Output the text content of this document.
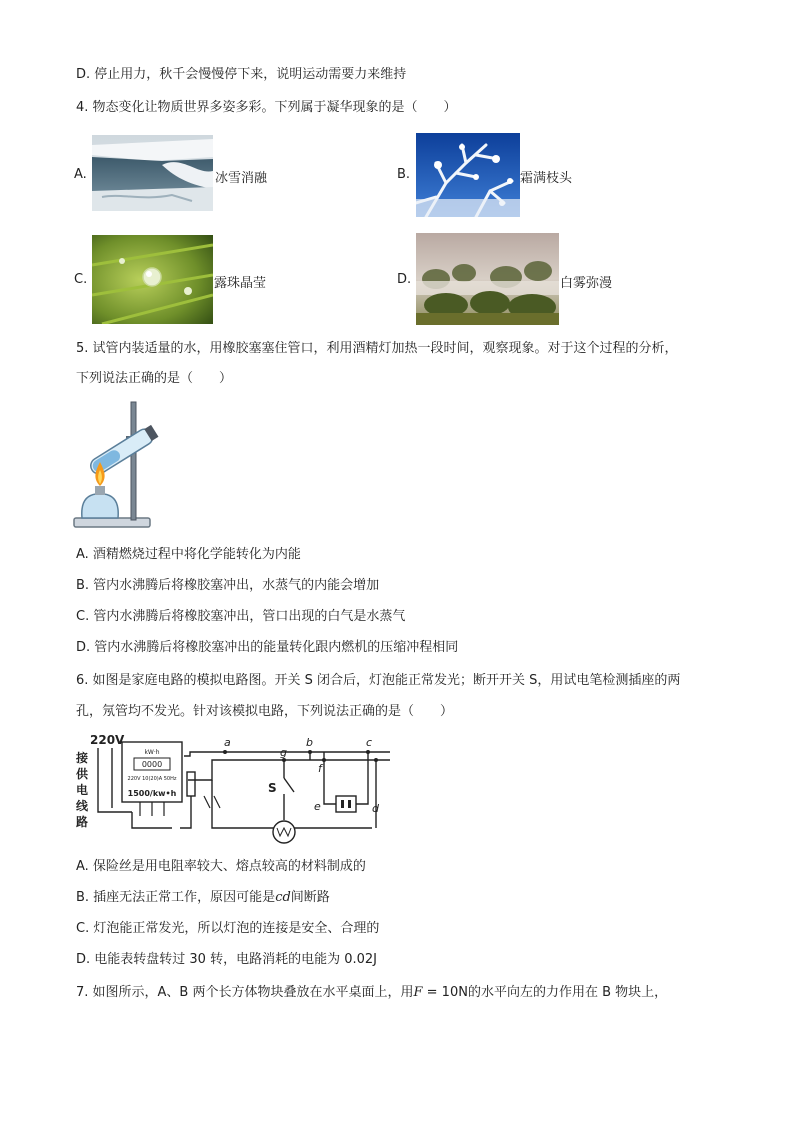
D. 停止用力，秋千会慢慢停下来，说明运动需要力来维持
4. 物态变化让物质世界多姿多彩。下列属于凝华现象的是（　　）
A.	冰雪消融	B.	霜满枝头
C.	露珠晶莹	D.	白雾弥漫
5. 试管内装适量的水，用橡胶塞塞住管口，利用酒精灯加热一段时间，观察现象。对于这个过程的分析，
下列说法正确的是（　　）
A. 酒精燃烧过程中将化学能转化为内能
B. 管内水沸腾后将橡胶塞冲出，水蒸气的内能会增加
C. 管内水沸腾后将橡胶塞冲出，管口出现的白气是水蒸气
D. 管内水沸腾后将橡胶塞冲出的能量转化跟内燃机的压缩冲程相同
6. 如图是家庭电路的模拟电路图。开关 S 闭合后，灯泡能正常发光；断开开关 S，用试电笔检测插座的两
孔，氖管均不发光。针对该模拟电路，下列说法正确的是（　　）
kW·h
0000
220V 10(20)A 50Hz
1500/kw•h
220V
接
供
电
线
路
a	b	c
g
f
e	d
S
A. 保险丝是用电阻率较大、熔点较高的材料制成的
B. 插座无法正常工作，原因可能是cd间断路
C. 灯泡能正常发光，所以灯泡的连接是安全、合理的
D. 电能表转盘转过 30 转，电路消耗的电能为 0.02J
7. 如图所示，A、B 两个长方体物块叠放在水平桌面上，用F = 10N的水平向左的力作用在 B 物块上，
